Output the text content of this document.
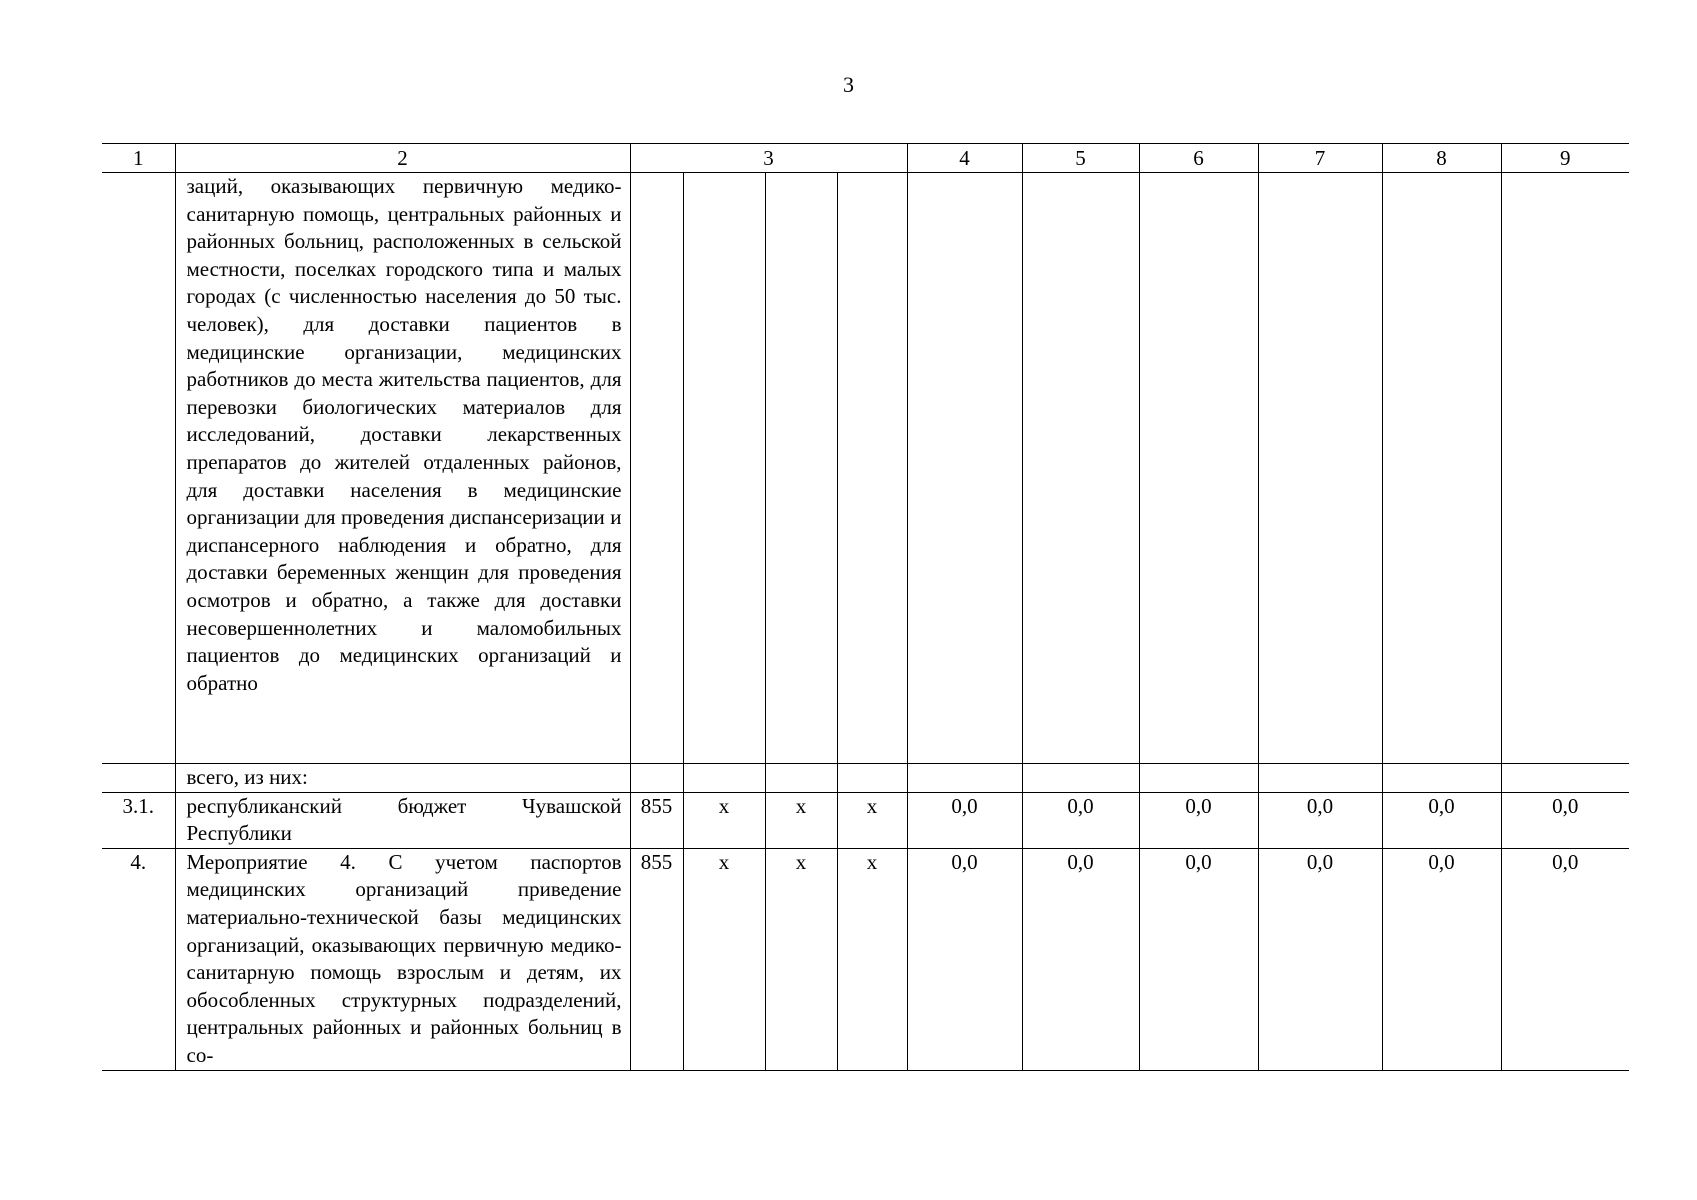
3
1	2	3				4	5	6	7	8	9
	заций, оказывающих первичную медико-санитарную помощь, центральных районных и районных больниц, расположенных в сельской местности, поселках городского типа и малых городах (с численностью населения до 50 тыс. человек), для доставки пациентов в медицинские организации, медицинских работников до места жительства пациентов, для перевозки биологических материалов для исследований, доставки лекарственных препаратов до жителей отдаленных районов, для доставки населения в медицинские организации для проведения диспансеризации и диспансерного наблюдения и обратно, для доставки беременных женщин для проведения осмотров и обратно, а также для доставки несовершеннолетних и маломобильных пациентов до медицинских организаций и обратно										
	всего, из них:										
3.1.	республиканский бюджет Чувашской Республики	855	х	х	х	0,0	0,0	0,0	0,0	0,0	0,0
4.	Мероприятие 4. С учетом паспортов медицинских организаций приведение материально-технической базы медицинских организаций, оказывающих первичную медико-санитарную помощь взрослым и детям, их обособленных структурных подразделений, центральных районных и районных больниц в со-	855	х	х	х	0,0	0,0	0,0	0,0	0,0	0,0
